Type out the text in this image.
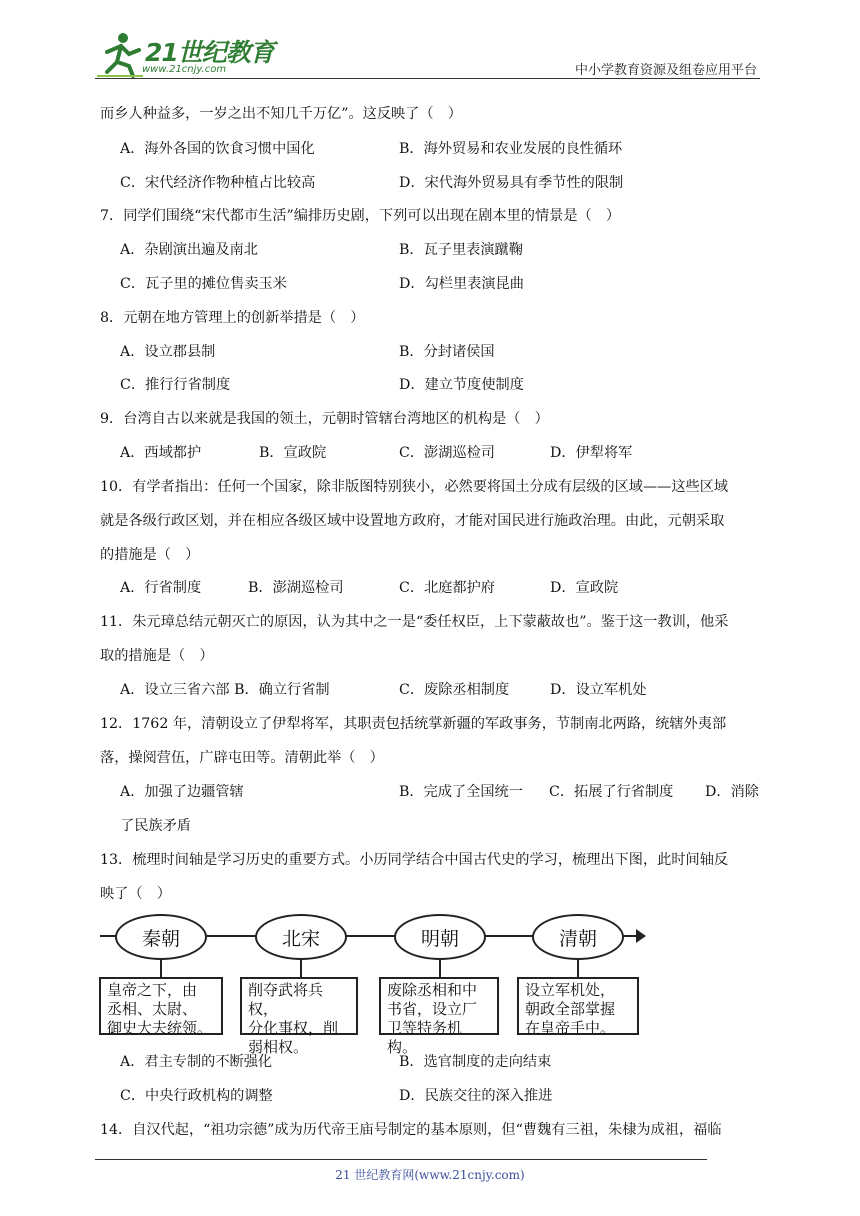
21世纪教育
www.21cnjy.com	中小学教育资源及组卷应用平台
而乡人种益多，一岁之出不知几千万亿”。这反映了（　）
A．海外各国的饮食习惯中国化	B．海外贸易和农业发展的良性循环
C．宋代经济作物种植占比较高	D．宋代海外贸易具有季节性的限制
7．同学们围绕“宋代都市生活”编排历史剧，下列可以出现在剧本里的情景是（　）
A．杂剧演出遍及南北	B．瓦子里表演蹴鞠
C．瓦子里的摊位售卖玉米	D．勾栏里表演昆曲
8．元朝在地方管理上的创新举措是（　）
A．设立郡县制	B．分封诸侯国
C．推行行省制度	D．建立节度使制度
9．台湾自古以来就是我国的领土，元朝时管辖台湾地区的机构是（　）
A．西域都护	B．宣政院	C．澎湖巡检司	D．伊犁将军
10．有学者指出：任何一个国家，除非版图特别狭小，必然要将国土分成有层级的区域——这些区域
就是各级行政区划，并在相应各级区域中设置地方政府，才能对国民进行施政治理。由此，元朝采取
的措施是（　）
A．行省制度	B．澎湖巡检司	C．北庭都护府	D．宣政院
11．朱元璋总结元朝灭亡的原因，认为其中之一是“委任权臣，上下蒙蔽故也”。鉴于这一教训，他采
取的措施是（　）
A．设立三省六部 B．确立行省制	C．废除丞相制度	D．设立军机处
12．1762 年，清朝设立了伊犁将军，其职责包括统掌新疆的军政事务，节制南北两路，统辖外夷部
落，操阅营伍，广辟屯田等。清朝此举（　）
A．加强了边疆管辖	B．完成了全国统一 C．拓展了行省制度 D．消除
了民族矛盾
13．梳理时间轴是学习历史的重要方式。小历同学结合中国古代史的学习，梳理出下图，此时间轴反
映了（　）
秦朝	北宋	明朝	清朝
皇帝之下，由
丞相、太尉、
御史大夫统领。
削夺武将兵权，
分化事权，削
弱相权。
废除丞相和中
书省，设立厂
卫等特务机构。
设立军机处，
朝政全部掌握
在皇帝手中。
A．君主专制的不断强化	B．选官制度的走向结束
C．中央行政机构的调整	D．民族交往的深入推进
14．自汉代起，“祖功宗德”成为历代帝王庙号制定的基本原则，但“曹魏有三祖，朱棣为成祖，福临
21 世纪教育网(www.21cnjy.com)
